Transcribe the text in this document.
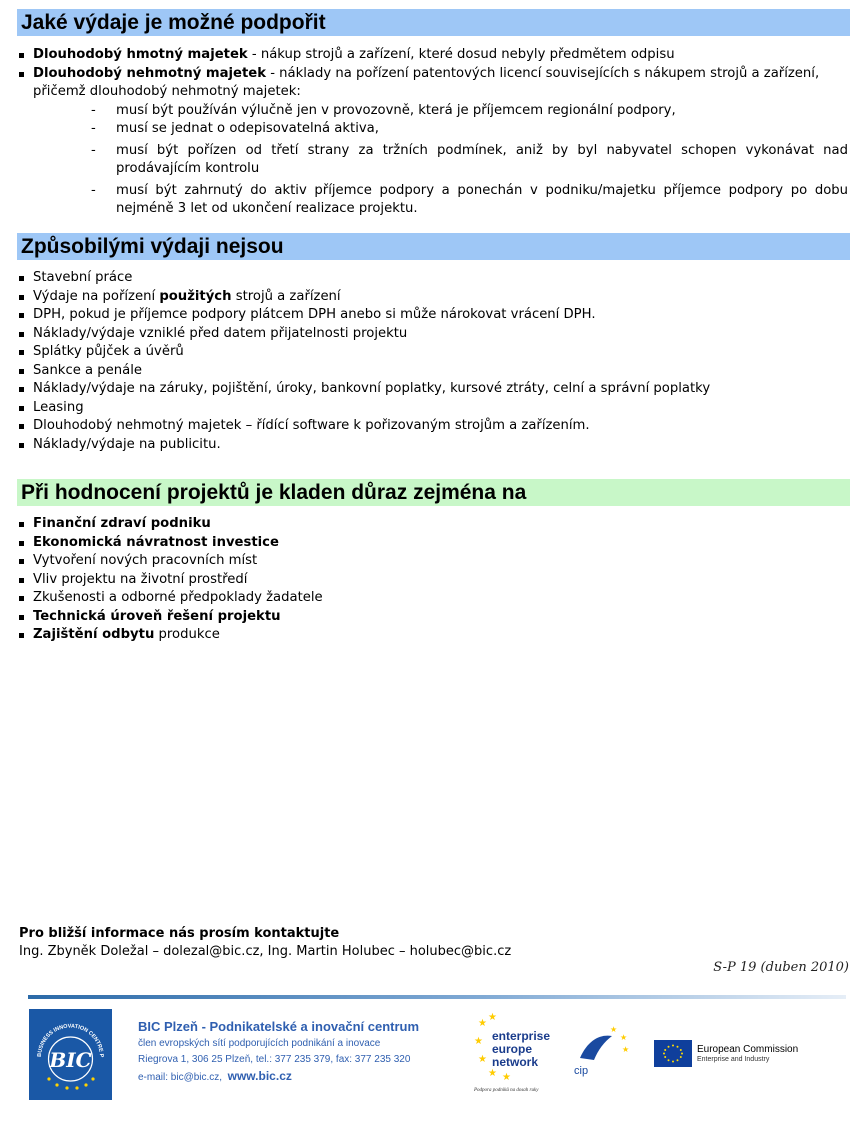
Jaké výdaje je možné podpořit
Dlouhodobý hmotný majetek - nákup strojů a zařízení, které dosud nebyly předmětem odpisu
Dlouhodobý nehmotný majetek - náklady na pořízení patentových licencí souvisejících s nákupem strojů a zařízení, přičemž dlouhodobý nehmotný majetek:
- musí být používán výlučně jen v provozovně, která je příjemcem regionální podpory,
- musí se jednat o odepisovatelná aktiva,
- musí být pořízen od třetí strany za tržních podmínek, aniž by byl nabyvatel schopen vykonávat nad prodávajícím kontrolu
- musí být zahrnutý do aktiv příjemce podpory a ponechán v podniku/majetku příjemce podpory po dobu nejméně 3 let od ukončení realizace projektu.
Způsobilými výdaji nejsou
Stavební práce
Výdaje na pořízení použitých strojů a zařízení
DPH, pokud je příjemce podpory plátcem DPH anebo si může nárokovat vrácení DPH.
Náklady/výdaje vzniklé před datem přijatelnosti projektu
Splátky půjček a úvěrů
Sankce a penále
Náklady/výdaje na záruky, pojištění, úroky, bankovní poplatky, kursové ztráty, celní a správní poplatky
Leasing
Dlouhodobý nehmotný majetek – řídící software k pořizovaným strojům a zařízením.
Náklady/výdaje na publicitu.
Při hodnocení projektů je kladen důraz zejména na
Finanční zdraví podniku
Ekonomická návratnost investice
Vytvoření nových pracovních míst
Vliv projektu na životní prostředí
Zkušenosti a odborné předpoklady žadatele
Technická úroveň řešení projektu
Zajištění odbytu produkce
Pro bližší informace nás prosím kontaktujte
Ing. Zbyněk Doležal – dolezal@bic.cz, Ing. Martin Holubec – holubec@bic.cz
S-P 19 (duben 2010)
BUSINESS INNOVATION CENTRE P
BIC
BIC Plzeň - Podnikatelské a inovační centrum
člen evropských sítí podporujících podnikání a inovace
Riegrova 1, 306 25 Plzeň, tel.: 377 235 379, fax: 377 235 320
e-mail: bic@bic.cz, www.bic.cz
★
★
★
★ ★
★
enterprise
europe
network
Podpora podniků na dosah ruky
★
★
★
cip
European Commission
Enterprise and Industry
